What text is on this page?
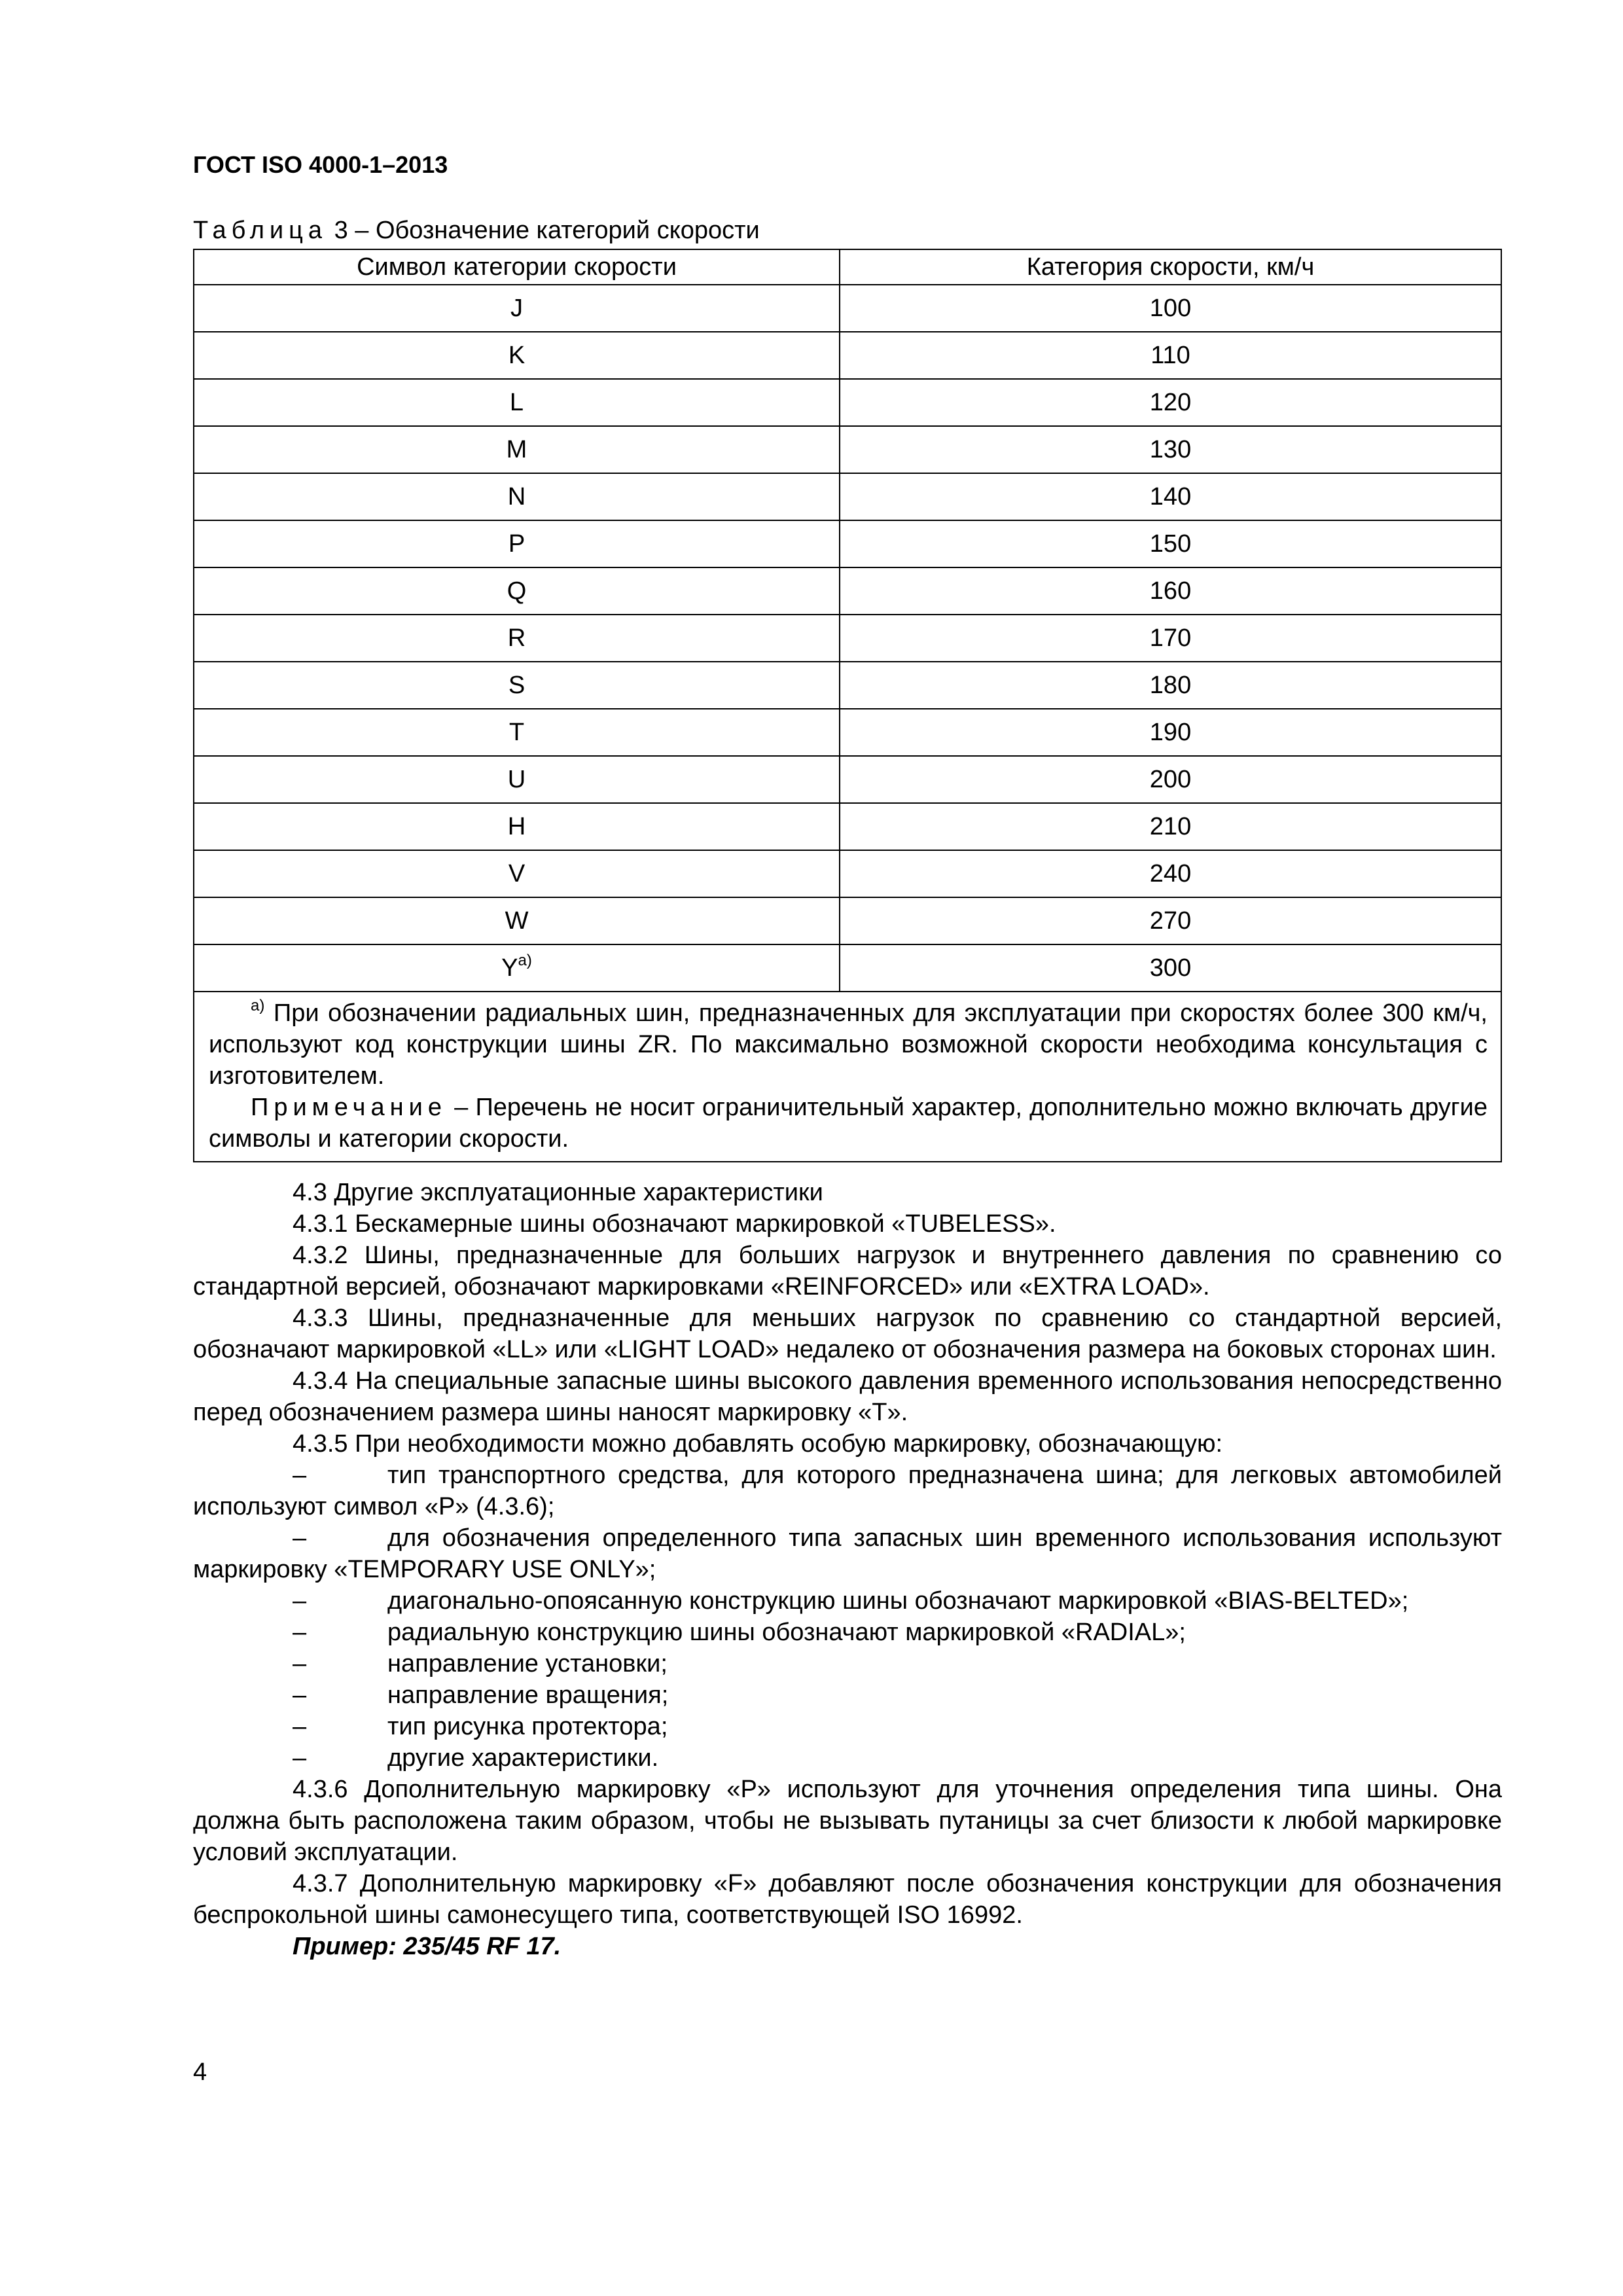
ГОСТ ISO 4000-1–2013

Таблица 3 – Обозначение категорий скорости
Символ категории скорости	Категория скорости, км/ч
J	100
K	110
L	120
M	130
N	140
P	150
Q	160
R	170
S	180
T	190
U	200
H	210
V	240
W	270
$Y^{а)}$	300

$^{а)}$ При обозначении радиальных шин, предназначенных для эксплуатации при скоростях более 300 км/ч, используют код конструкции шины ZR. По максимально возможной скорости необходима консультация с изготовителем.

Примечание – Перечень не носит ограничительный характер, дополнительно можно включать другие символы и категории скорости.	

4.3 Другие эксплуатационные характеристики

4.3.1 Бескамерные шины обозначают маркировкой «TUBELESS».

4.3.2 Шины, предназначенные для больших нагрузок и внутреннего давления по сравнению со стандартной версией, обозначают маркировками «REINFORCED» или «EXTRA LOAD».

4.3.3 Шины, предназначенные для меньших нагрузок по сравнению со стандартной версией, обозначают маркировкой «LL» или «LIGHT LOAD» недалеко от обозначения размера на боковых сторонах шин.

4.3.4 На специальные запасные шины высокого давления временного использования непосредственно перед обозначением размера шины наносят маркировку «T».

4.3.5 При необходимости можно добавлять особую маркировку, обозначающую:

–	тип транспортного средства, для которого предназначена шина; для легковых автомобилей используют символ «P» (4.3.6);

–	для обозначения определенного типа запасных шин временного использования используют маркировку «TEMPORARY USE ONLY»;

–	диагонально-опоясанную конструкцию шины обозначают маркировкой «BIAS-BELTED»;

–	радиальную конструкцию шины обозначают маркировкой «RADIAL»;

–	направление установки;

–	направление вращения;

–	тип рисунка протектора;

–	другие характеристики.

4.3.6 Дополнительную маркировку «P» используют для уточнения определения типа шины. Она должна быть расположена таким образом, чтобы не вызывать путаницы за счет близости к любой маркировке условий эксплуатации.

4.3.7 Дополнительную маркировку «F» добавляют после обозначения конструкции для обозначения беспрокольной шины самонесущего типа, соответствующей ISO 16992.

Пример: 235/45 RF 17.

4
